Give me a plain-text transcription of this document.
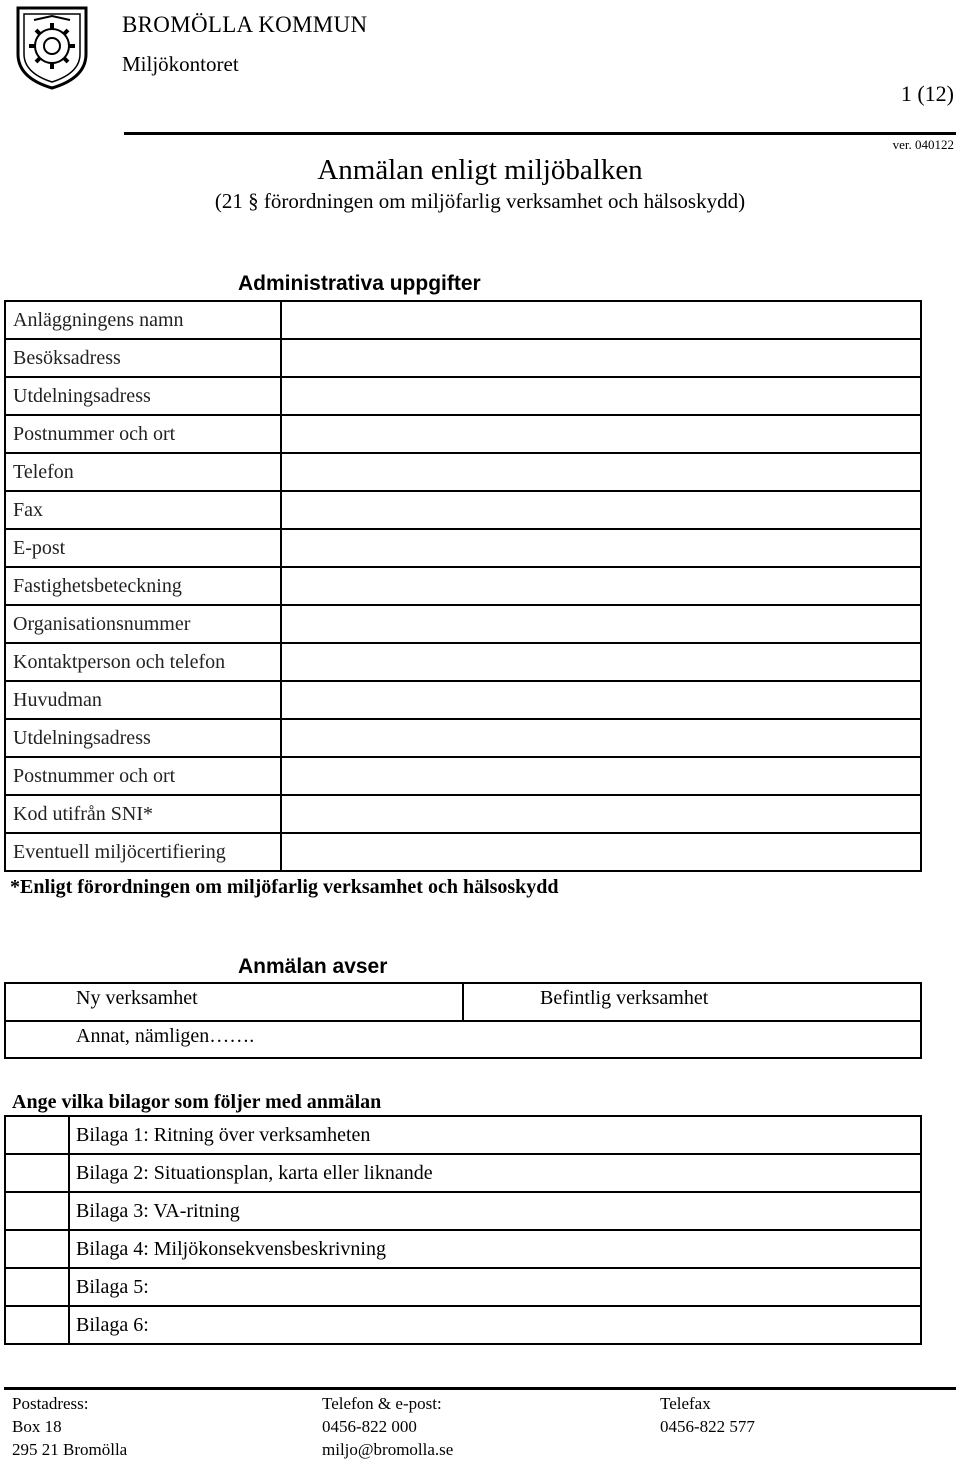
BROMÖLLA KOMMUN
Miljökontoret
1 (12)
ver. 040122
Anmälan enligt miljöbalken
(21 § förordningen om miljöfarlig verksamhet och hälsoskydd)
Administrativa uppgifter
Anläggningens namn	
Besöksadress	
Utdelningsadress	
Postnummer och ort	
Telefon	
Fax	
E-post	
Fastighetsbeteckning	
Organisationsnummer	
Kontaktperson och telefon	
Huvudman	
Utdelningsadress	
Postnummer och ort	
Kod utifrån SNI*	
Eventuell miljöcertifiering	
*Enligt förordningen om miljöfarlig verksamhet och hälsoskydd
Anmälan avser
Ny verksamhet	Befintlig verksamhet
Annat, nämligen…….
Ange vilka bilagor som följer med anmälan
	Bilaga 1: Ritning över verksamheten
	Bilaga 2: Situationsplan, karta eller liknande
	Bilaga 3: VA-ritning
	Bilaga 4: Miljökonsekvensbeskrivning
	Bilaga 5:
	Bilaga 6:
Postadress:
Box 18
295 21 Bromölla
Telefon & e-post:
0456-822 000
miljo@bromolla.se
Telefax
0456-822 577
